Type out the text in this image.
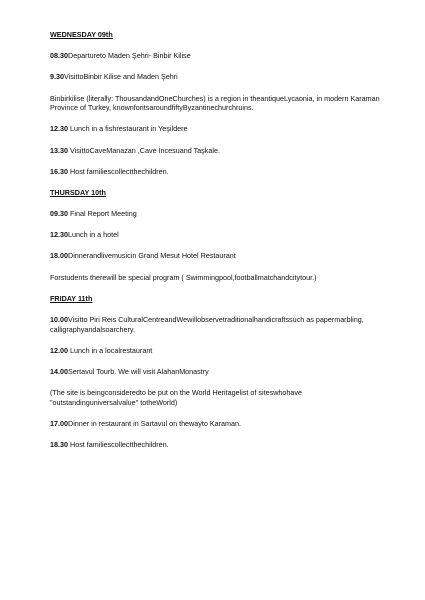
WEDNESDAY 09th

08.30Departureto Maden Şehri- Binbir Kilise

9.30VisittoBinbir Kilise and Maden Şehri

Binbirkilise (literally: ThousandandOneChurches) is a region in theantiqueLycaonia, in modern Karaman Province of Turkey, knownforitsaroundfiftyByzantinechurchruins.

12.30 Lunch in a fishrestaurant in Yeşildere

13.30 VisittoCaveManazan ,Cave İncesuand Taşkale.

16.30 Host familiescollectthechildren.

THURSDAY 10th

09.30 Final Report Meeting

12.30Lunch in a hotel

18.00Dinnerandlivemusicin Grand Mesut Hotel Restaurant

Forstudents therewill be special program ( Swimmingpool,footballmatchandcitytour.)

FRIDAY 11th

10.00Visitto Piri Reis CulturalCentreandWewillobservetraditionalhandicraftssuch as papermarbling, calligraphyandalsoarchery.

12.00 Lunch in a localrestaurant

14.00Sertavul Tourb. We will visit AlahanMonastry

(The site is beingconsideredto be put on the World Heritagelist of siteswhohave "outstandinguniversalvalue" totheWorld)

17.00Dinner in restaurant in Sartavul on thewayto Karaman.

18.30 Host familiescollectthechildren.
